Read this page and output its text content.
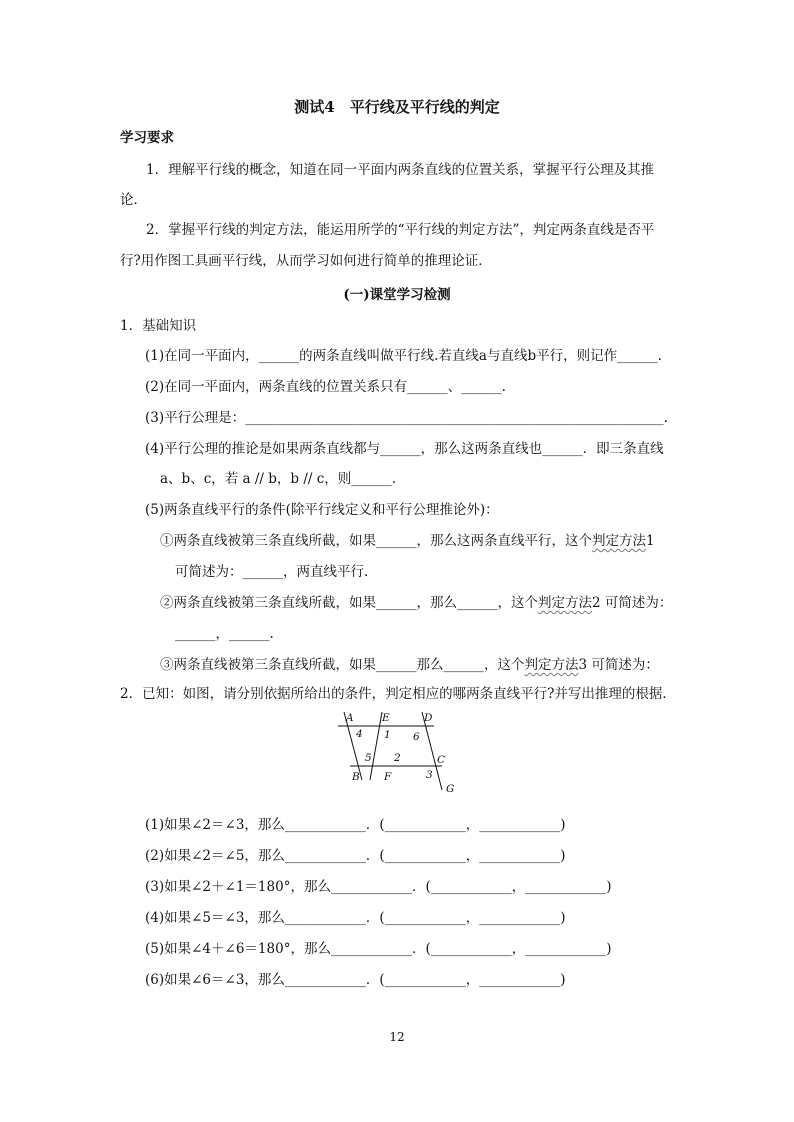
测试4　平行线及平行线的判定
学习要求
1．理解平行线的概念，知道在同一平面内两条直线的位置关系，掌握平行公理及其推
论．
2．掌握平行线的判定方法，能运用所学的“平行线的判定方法”，判定两条直线是否平
行?用作图工具画平行线，从而学习如何进行简单的推理论证．
(一)课堂学习检测
1．基础知识
(1)在同一平面内，______的两条直线叫做平行线.若直线a与直线b平行，则记作______.
(2)在同一平面内，两条直线的位置关系只有______、______.
(3)平行公理是：______________________________________________________________.
(4)平行公理的推论是如果两条直线都与______，那么这两条直线也______．即三条直线
a、b、c，若 a // b，b // c，则______.
(5)两条直线平行的条件(除平行线定义和平行公理推论外)：
①两条直线被第三条直线所截，如果______，那么这两条直线平行，这个判定方法1
可简述为：______，两直线平行.
②两条直线被第三条直线所截，如果______，那么______，这个判定方法2 可简述为：
______，______.
③两条直线被第三条直线所截，如果______那么______，这个判定方法3 可简述为：
2．已知：如图，请分别依据所给出的条件，判定相应的哪两条直线平行?并写出推理的根据．
A	E	D
B F
C
G
4 1 6
5 2
3
(1)如果∠2＝∠3，那么____________．(____________，____________)
(2)如果∠2＝∠5，那么____________．(____________，____________)
(3)如果∠2＋∠1＝180°，那么____________．(____________，____________)
(4)如果∠5＝∠3，那么____________．(____________，____________)
(5)如果∠4＋∠6＝180°，那么____________．(____________，____________)
(6)如果∠6＝∠3，那么____________．(____________，____________)
12
